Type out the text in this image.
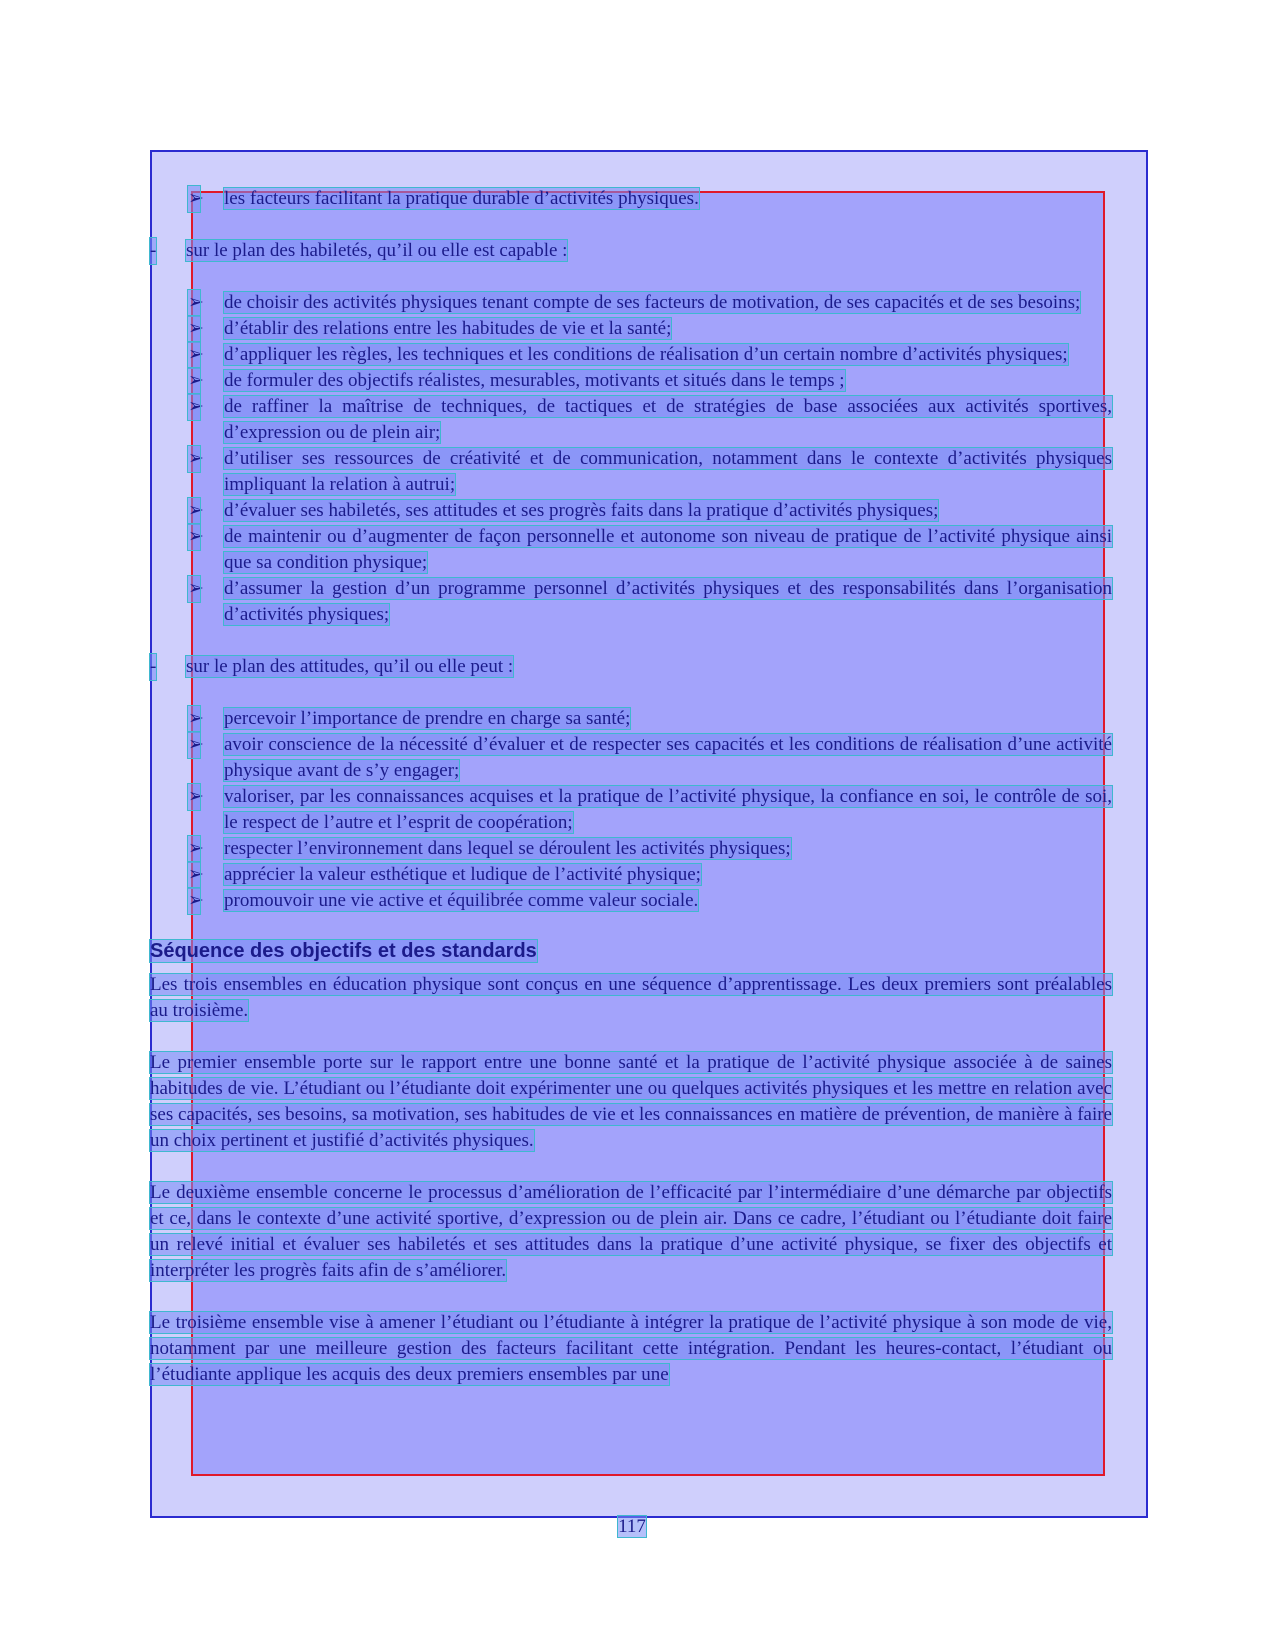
➢ les facteurs facilitant la pratique durable d’activités physiques.
- sur le plan des habiletés, qu’il ou elle est capable :
➢ de choisir des activités physiques tenant compte de ses facteurs de motivation, de ses capacités et de ses besoins;
➢ d’établir des relations entre les habitudes de vie et la santé;
➢ d’appliquer les règles, les techniques et les conditions de réalisation d’un certain nombre d’activités physiques;
➢ de formuler des objectifs réalistes, mesurables, motivants et situés dans le temps ;
➢ de raffiner la maîtrise de techniques, de tactiques et de stratégies de base associées aux activités sportives, d’expression ou de plein air;
➢ d’utiliser ses ressources de créativité et de communication, notamment dans le contexte d’activités physiques impliquant la relation à autrui;
➢ d’évaluer ses habiletés, ses attitudes et ses progrès faits dans la pratique d’activités physiques;
➢ de maintenir ou d’augmenter de façon personnelle et autonome son niveau de pratique de l’activité physique ainsi que sa condition physique;
➢ d’assumer la gestion d’un programme personnel d’activités physiques et des responsabilités dans l’organisation d’activités physiques;
- sur le plan des attitudes, qu’il ou elle peut :
➢ percevoir l’importance de prendre en charge sa santé;
➢ avoir conscience de la nécessité d’évaluer et de respecter ses capacités et les conditions de réalisation d’une activité physique avant de s’y engager;
➢ valoriser, par les connaissances acquises et la pratique de l’activité physique, la confiance en soi, le contrôle de soi, le respect de l’autre et l’esprit de coopération;
➢ respecter l’environnement dans lequel se déroulent les activités physiques;
➢ apprécier la valeur esthétique et ludique de l’activité physique;
➢ promouvoir une vie active et équilibrée comme valeur sociale.
Séquence des objectifs et des standards

Les trois ensembles en éducation physique sont conçus en une séquence d’apprentissage. Les deux premiers sont préalables au troisième.

Le premier ensemble porte sur le rapport entre une bonne santé et la pratique de l’activité physique associée à de saines habitudes de vie. L’étudiant ou l’étudiante doit expérimenter une ou quelques activités physiques et les mettre en relation avec ses capacités, ses besoins, sa motivation, ses habitudes de vie et les connaissances en matière de prévention, de manière à faire un choix pertinent et justifié d’activités physiques.

Le deuxième ensemble concerne le processus d’amélioration de l’efficacité par l’intermédiaire d’une démarche par objectifs et ce, dans le contexte d’une activité sportive, d’expression ou de plein air. Dans ce cadre, l’étudiant ou l’étudiante doit faire un relevé initial et évaluer ses habiletés et ses attitudes dans la pratique d’une activité physique, se fixer des objectifs et interpréter les progrès faits afin de s’améliorer.

Le troisième ensemble vise à amener l’étudiant ou l’étudiante à intégrer la pratique de l’activité physique à son mode de vie, notamment par une meilleure gestion des facteurs facilitant cette intégration. Pendant les heures-contact, l’étudiant ou l’étudiante applique les acquis des deux premiers ensembles par une

117
